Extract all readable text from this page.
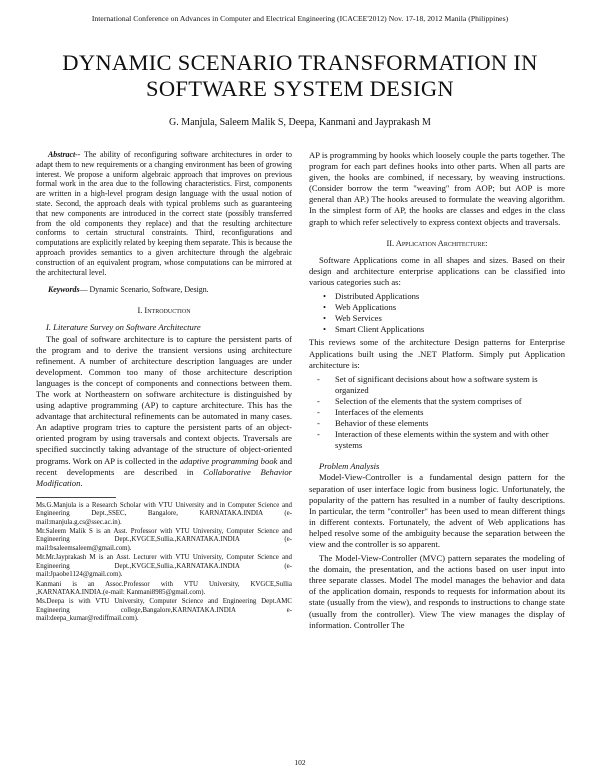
International Conference on Advances in Computer and Electrical Engineering (ICACEE'2012) Nov. 17-18, 2012 Manila (Philippines)
DYNAMIC SCENARIO TRANSFORMATION IN
SOFTWARE SYSTEM DESIGN
G. Manjula, Saleem Malik S, Deepa, Kanmani and Jayprakash M

Abstract-- The ability of reconfiguring software architectures in order to adapt them to new requirements or a changing environment has been of growing interest. We propose a uniform algebraic approach that improves on previous formal work in the area due to the following characteristics. First, components are written in a high-level program design language with the usual notion of state. Second, the approach deals with typical problems such as guaranteeing that new components are introduced in the correct state (possibly transferred from the old components they replace) and that the resulting architecture conforms to certain structural constraints. Third, reconfigurations and computations are explicitly related by keeping them separate. This is because the approach provides semantics to a given architecture through the algebraic construction of an equivalent program, whose computations can be mirrored at the architectural level.

Keywords— Dynamic Scenario, Software, Design.

I. Introduction
I. Literature Survey on Software Architecture

The goal of software architecture is to capture the persistent parts of the program and to derive the transient versions using architecture refinement. A number of architecture description languages are under development. Common too many of those architecture description languages is the concept of components and connections between them. The work at Northeastern on software architecture is distinguished by using adaptive programming (AP) to capture architecture. This has the advantage that architectural refinements can be automated in many cases. An adaptive program tries to capture the persistent parts of an object-oriented program by using traversals and context objects. Traversals are specified succinctly taking advantage of the structure of object-oriented programs. Work on AP is collected in the adaptive programming book and recent developments are described in Collaborative Behavior Modification.

Ms.G.Manjula is a Research Scholar with VTU University and in Computer Science and Engineering Dept.,SSEC, Bangalore, KARNATAKA.INDIA (e-mail:manjula.g.cs@ssec.ac.in).

Mr.Saleem Malik S is an Asst. Professor with VTU University, Computer Science and Engineering Dept.,KVGCE,Sullia.,KARNATAKA.INDIA (e-mail:bsaleemsaleem@gmail.com).

Mr.Mr.Jayprakash M is an Asst. Lecturer with VTU University, Computer Science and Engineering Dept.,KVGCE,Sullia.,KARNATAKA.INDIA (e-mail:Jpaobe1124@gmail.com).

Kanmani is an Assoc.Professor with VTU University, KVGCE,Sullia ,KARNATAKA.INDIA.(e-mail: Kanmani8985@gmail.com).

Ms.Deepa is with VTU University, Computer Science and Engineering Dept.AMC Engineering college,Bangalore,KARNATAKA.INDIA e-mail:deepa_kumar@rediffmail.com).

AP is programming by hooks which loosely couple the parts together. The program for each part defines hooks into other parts. When all parts are given, the hooks are combined, if necessary, by weaving instructions. (Consider borrow the term "weaving" from AOP; but AOP is more general than AP.) The hooks areused to formulate the weaving algorithm. In the simplest form of AP, the hooks are classes and edges in the class graph to which refer selectively to express context objects and traversals.

II. Application Architecture:

Software Applications come in all shapes and sizes. Based on their design and architecture enterprise applications can be classified into various categories such as:

• Distributed Applications
• Web Applications
• Web Services
• Smart Client Applications

This reviews some of the architecture Design patterns for Enterprise Applications built using the .NET Platform. Simply put Application architecture is:

- Set of significant decisions about how a software system is organized
- Selection of the elements that the system comprises of
- Interfaces of the elements
- Behavior of these elements
- Interaction of these elements within the system and with other systems
Problem Analysis

Model-View-Controller is a fundamental design pattern for the separation of user interface logic from business logic. Unfortunately, the popularity of the pattern has resulted in a number of faulty descriptions. In particular, the term "controller" has been used to mean different things in different contexts. Fortunately, the advent of Web applications has helped resolve some of the ambiguity because the separation between the view and the controller is so apparent.

The Model-View-Controller (MVC) pattern separates the modeling of the domain, the presentation, and the actions based on user input into three separate classes. Model The model manages the behavior and data of the application domain, responds to requests for information about its state (usually from the view), and responds to instructions to change state (usually from the controller). View The view manages the display of information. Controller The

102
